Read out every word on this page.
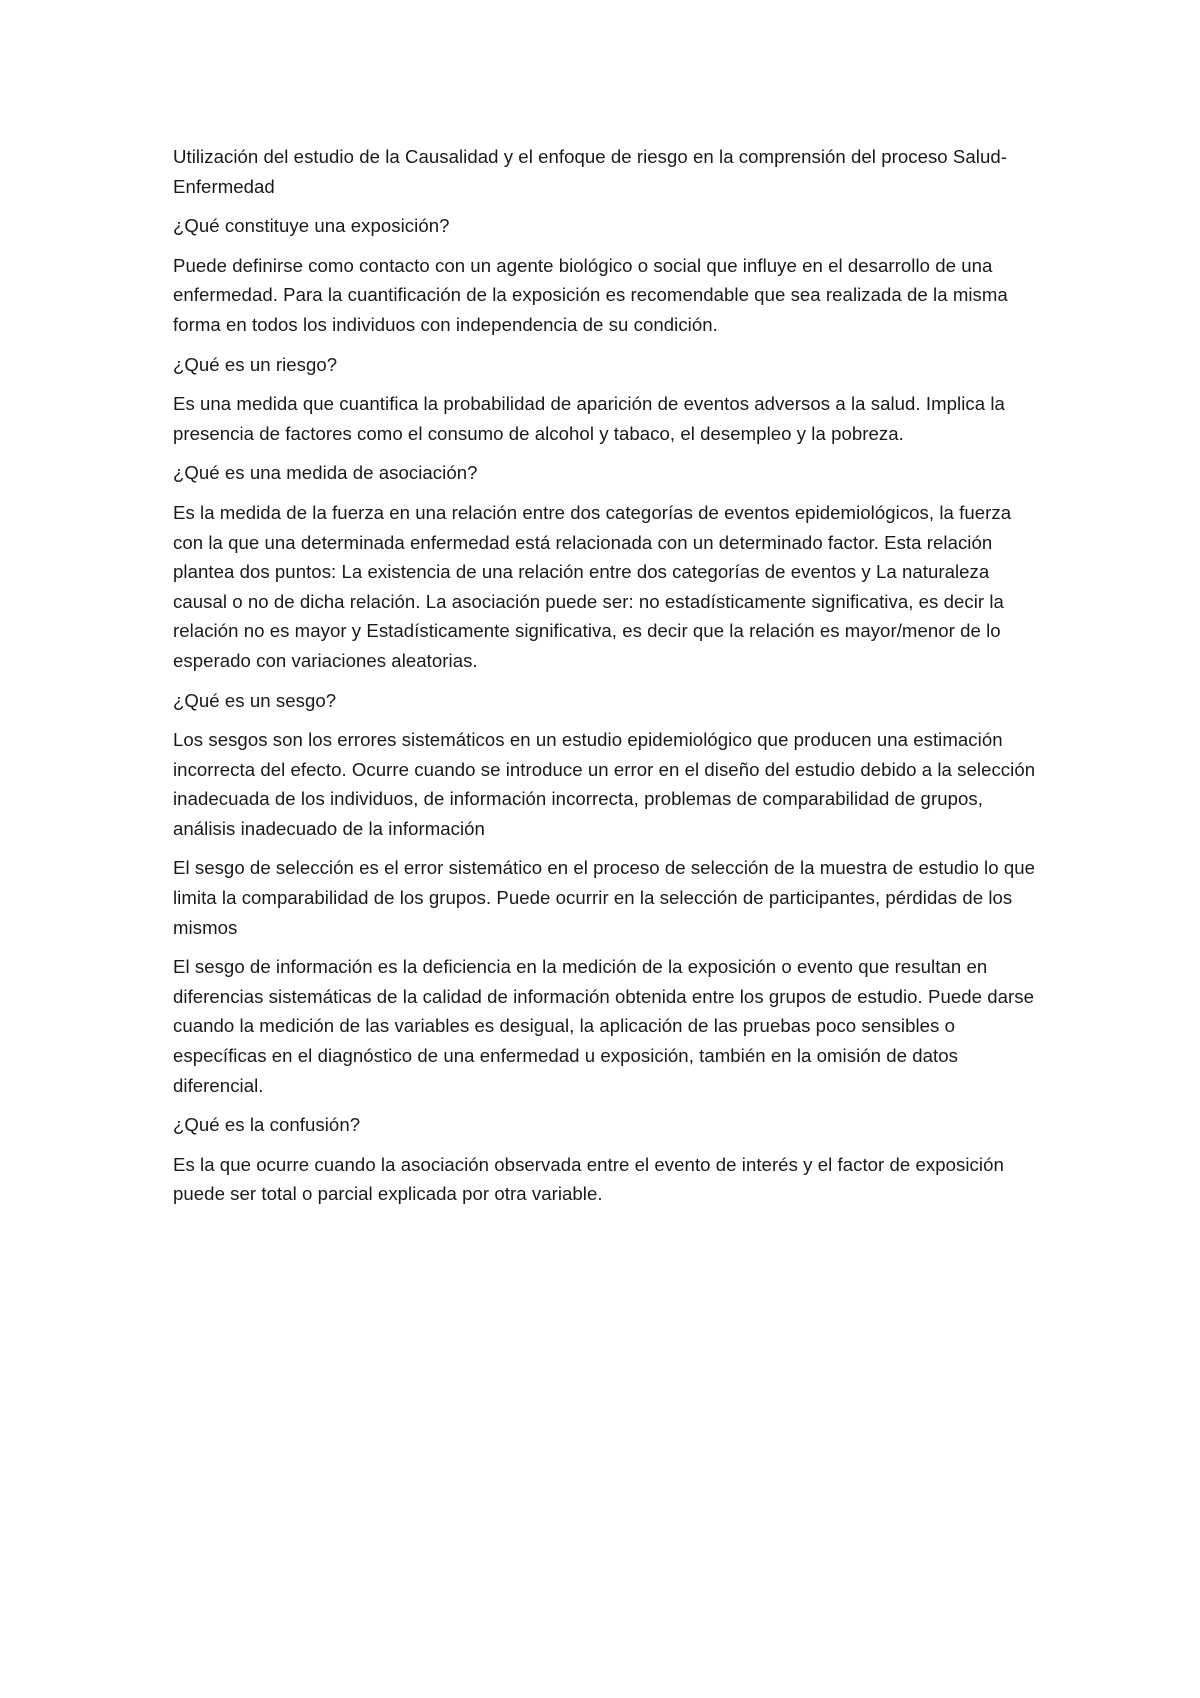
Utilización del estudio de la Causalidad y el enfoque de riesgo en la comprensión del proceso Salud-Enfermedad

¿Qué constituye una exposición?

Puede definirse como contacto con un agente biológico o social que influye en el desarrollo de una enfermedad. Para la cuantificación de la exposición es recomendable que sea realizada de la misma forma en todos los individuos con independencia de su condición.

¿Qué es un riesgo?

Es una medida que cuantifica la probabilidad de aparición de eventos adversos a la salud. Implica la presencia de factores como el consumo de alcohol y tabaco, el desempleo y la pobreza.

¿Qué es una medida de asociación?

Es la medida de la fuerza en una relación entre dos categorías de eventos epidemiológicos, la fuerza con la que una determinada enfermedad está relacionada con un determinado factor. Esta relación plantea dos puntos: La existencia de una relación entre dos categorías de eventos y La naturaleza causal o no de dicha relación. La asociación puede ser: no estadísticamente significativa, es decir la relación no es mayor y Estadísticamente significativa, es decir que la relación es mayor/menor de lo esperado con variaciones aleatorias.

¿Qué es un sesgo?

Los sesgos son los errores sistemáticos en un estudio epidemiológico que producen una estimación incorrecta del efecto. Ocurre cuando se introduce un error en el diseño del estudio debido a la selección inadecuada de los individuos, de información incorrecta, problemas de comparabilidad de grupos, análisis inadecuado de la información

El sesgo de selección es el error sistemático en el proceso de selección de la muestra de estudio lo que limita la comparabilidad de los grupos. Puede ocurrir en la selección de participantes, pérdidas de los mismos

El sesgo de información es la deficiencia en la medición de la exposición o evento que resultan en diferencias sistemáticas de la calidad de información obtenida entre los grupos de estudio. Puede darse cuando la medición de las variables es desigual, la aplicación de las pruebas poco sensibles o específicas en el diagnóstico de una enfermedad u exposición, también en la omisión de datos diferencial.

¿Qué es la confusión?

Es la que ocurre cuando la asociación observada entre el evento de interés y el factor de exposición puede ser total o parcial explicada por otra variable.
